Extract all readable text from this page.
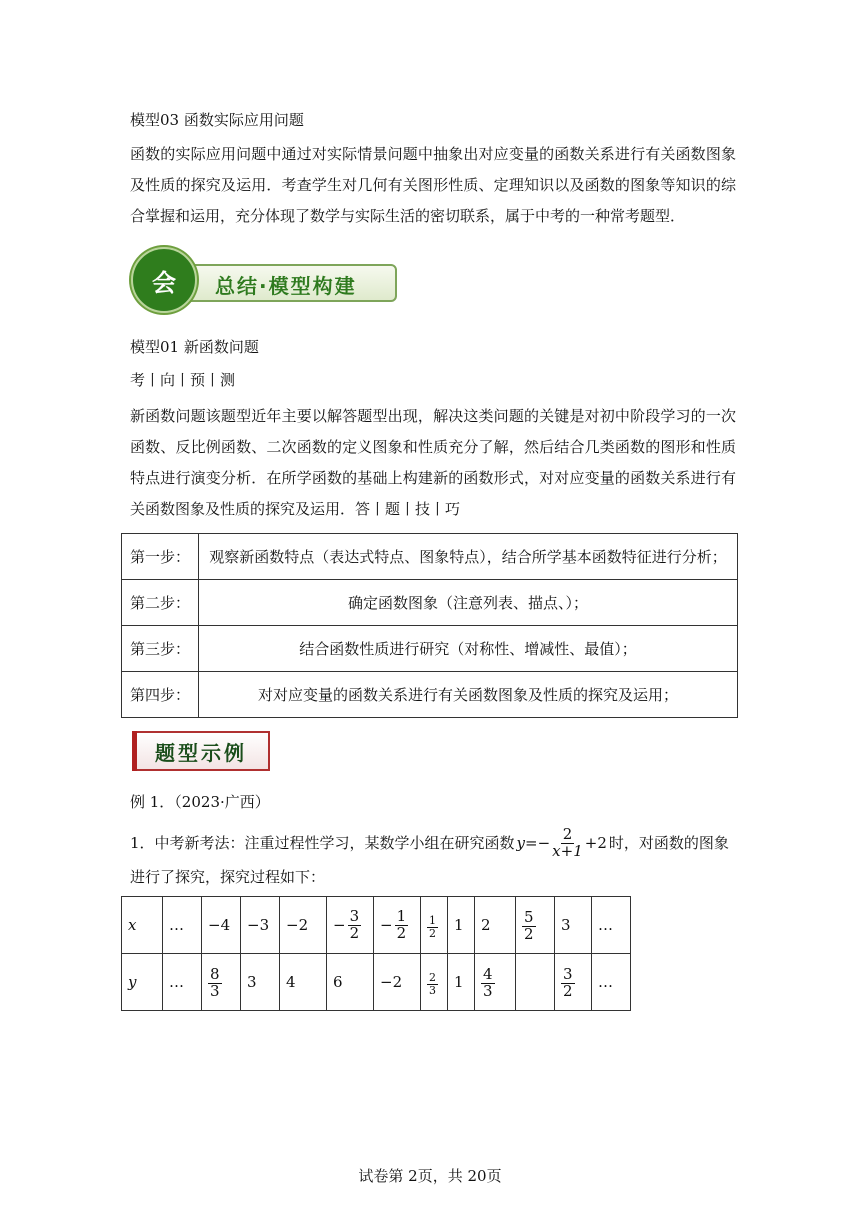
模型03 函数实际应用问题
函数的实际应用问题中通过对实际情景问题中抽象出对应变量的函数关系进行有关函数图象及性质的探究及运用．考查学生对几何有关图形性质、定理知识以及函数的图象等知识的综合掌握和运用，充分体现了数学与实际生活的密切联系，属于中考的一种常考题型．
会	总结·模型构建
模型01 新函数问题
考丨向丨预丨测
新函数问题该题型近年主要以解答题型出现，解决这类问题的关键是对初中阶段学习的一次函数、反比例函数、二次函数的定义图象和性质充分了解，然后结合几类函数的图形和性质特点进行演变分析．在所学函数的基础上构建新的函数形式，对对应变量的函数关系进行有关函数图象及性质的探究及运用．答丨题丨技丨巧
第一步：	观察新函数特点（表达式特点、图象特点），结合所学基本函数特征进行分析；
第二步：	确定函数图象（注意列表、描点、）；
第三步：	结合函数性质进行研究（对称性、增减性、最值）；
第四步：	对对应变量的函数关系进行有关函数图象及性质的探究及运用；
题型示例
例 1．（2023·广西）
1．中考新考法：注重过程性学习，某数学小组在研究函数 $y =- \frac{2}{x+1} +2$ 时，对函数的图象
进行了探究，探究过程如下：
x	…	−4	−3	−2	− $\frac{3}{2}$	− $\frac{1}{2}$	$\frac{1}{2}$	1	2	$\frac{5}{2}$	3	…
y	…	$\frac{8}{3}$	3	4	6	−2	$\frac{2}{3}$	1	$\frac{4}{3}$		$\frac{3}{2}$	…
试卷第 2页，共 20页
